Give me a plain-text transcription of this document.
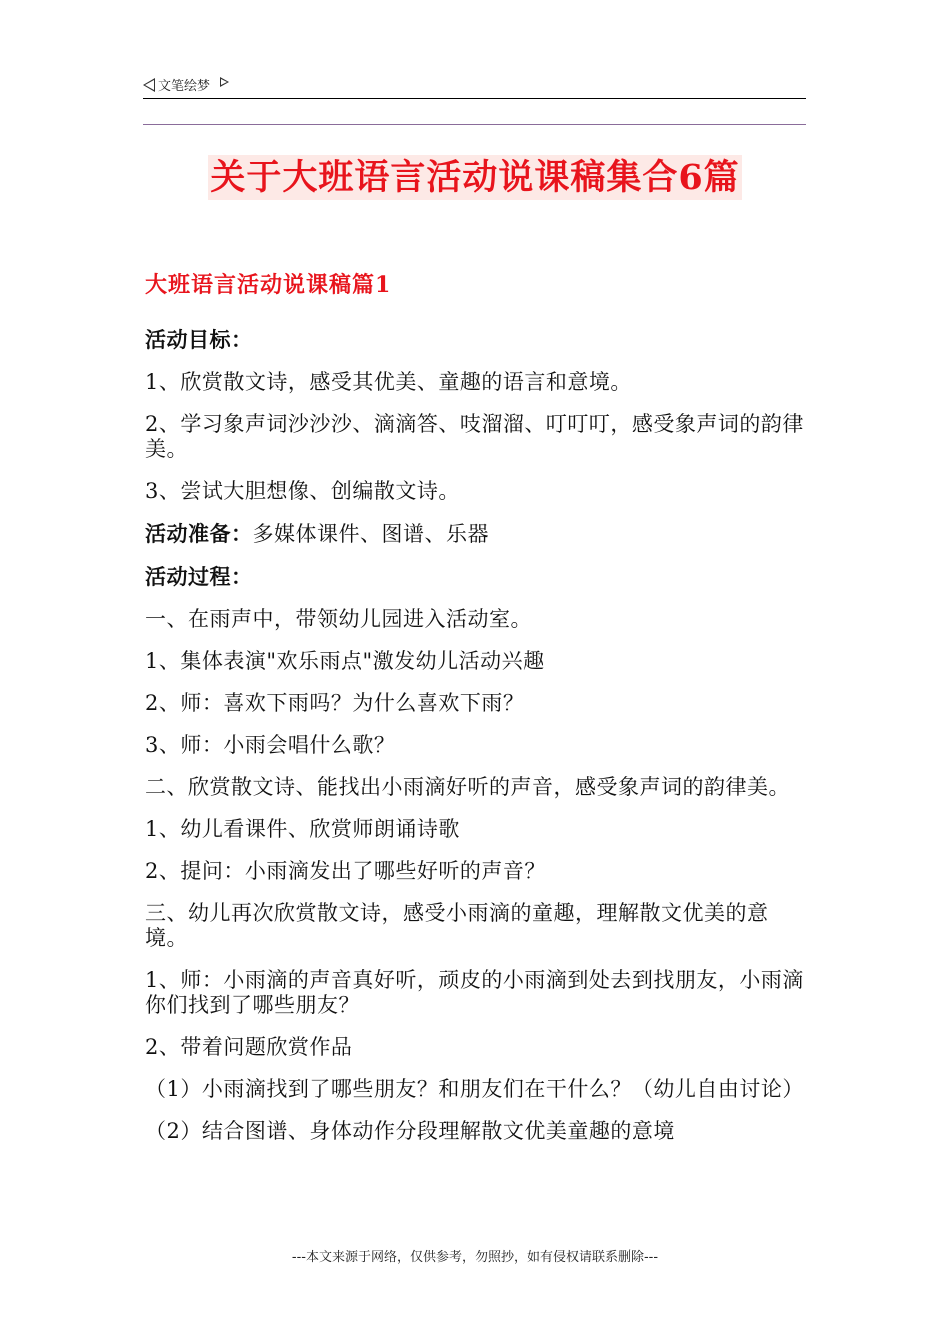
文笔绘梦
关于大班语言活动说课稿集合6篇
大班语言活动说课稿篇1
活动目标：
1、欣赏散文诗，感受其优美、童趣的语言和意境。
2、学习象声词沙沙沙、滴滴答、吱溜溜、叮叮叮，感受象声词的韵律美。
3、尝试大胆想像、创编散文诗。
活动准备：多媒体课件、图谱、乐器
活动过程：
一、在雨声中，带领幼儿园进入活动室。
1、集体表演"欢乐雨点"激发幼儿活动兴趣
2、师：喜欢下雨吗？为什么喜欢下雨？
3、师：小雨会唱什么歌？
二、欣赏散文诗、能找出小雨滴好听的声音，感受象声词的韵律美。
1、幼儿看课件、欣赏师朗诵诗歌
2、提问：小雨滴发出了哪些好听的声音？
三、幼儿再次欣赏散文诗，感受小雨滴的童趣，理解散文优美的意境。
1、师：小雨滴的声音真好听，顽皮的小雨滴到处去到找朋友，小雨滴你们找到了哪些朋友？
2、带着问题欣赏作品
（1）小雨滴找到了哪些朋友？和朋友们在干什么？（幼儿自由讨论）
（2）结合图谱、身体动作分段理解散文优美童趣的意境
---本文来源于网络，仅供参考，勿照抄，如有侵权请联系删除---
